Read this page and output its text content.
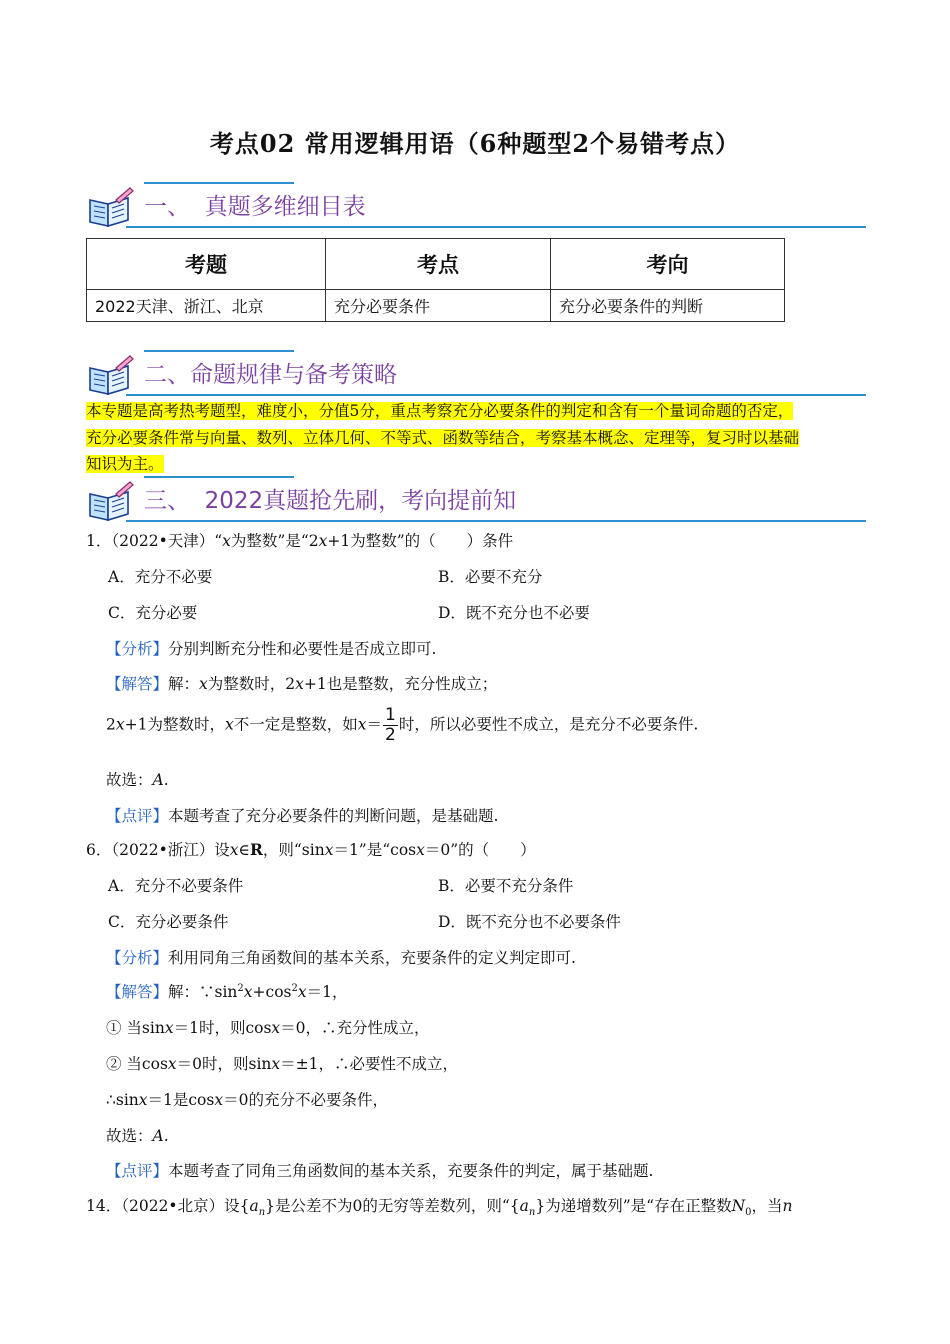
考点02 常用逻辑用语（6种题型2个易错考点）
一、  真题多维细目表
考题	考点	考向
2022天津、浙江、北京	充分必要条件	充分必要条件的判断
二、命题规律与备考策略
本专题是高考热考题型，难度小，分值5分，重点考察充分必要条件的判定和含有一个量词命题的否定，
充分必要条件常与向量、数列、立体几何、不等式、函数等结合，考察基本概念、定理等，复习时以基础
知识为主。
三、  2022真题抢先刷，考向提前知
1．（2022•天津）“x为整数”是“2x+1为整数”的（　　）条件
A．充分不必要	B．必要不充分
C．充分必要	D．既不充分也不必要
【分析】分别判断充分性和必要性是否成立即可.
【解答】解：x为整数时，2x+1也是整数，充分性成立；
2x+1为整数时，x不一定是整数，如$x= \frac{1}{2}$ 时，所以必要性不成立，是充分不必要条件.
故选：A.
【点评】本题考查了充分必要条件的判断问题，是基础题.
6．（2022•浙江）设x∈R，则“sinx＝1”是“cosx＝0”的（　　）
A．充分不必要条件	B．必要不充分条件
C．充分必要条件	D．既不充分也不必要条件
【分析】利用同角三角函数间的基本关系，充要条件的定义判定即可.
【解答】解：$\because\sin^2x+\cos^2x=1$，
① 当sinx＝1时，则cosx＝0，∴充分性成立，
② 当cosx＝0时，则sinx＝±1，∴必要性不成立，
∴sinx＝1是cosx＝0的充分不必要条件，
故选：A.
【点评】本题考查了同角三角函数间的基本关系，充要条件的判定，属于基础题.
14．（2022•北京）设$\{a_n\}$是公差不为0的无穷等差数列，则“$\{a_n\}$为递增数列”是“存在正整数$N_0$，当n
